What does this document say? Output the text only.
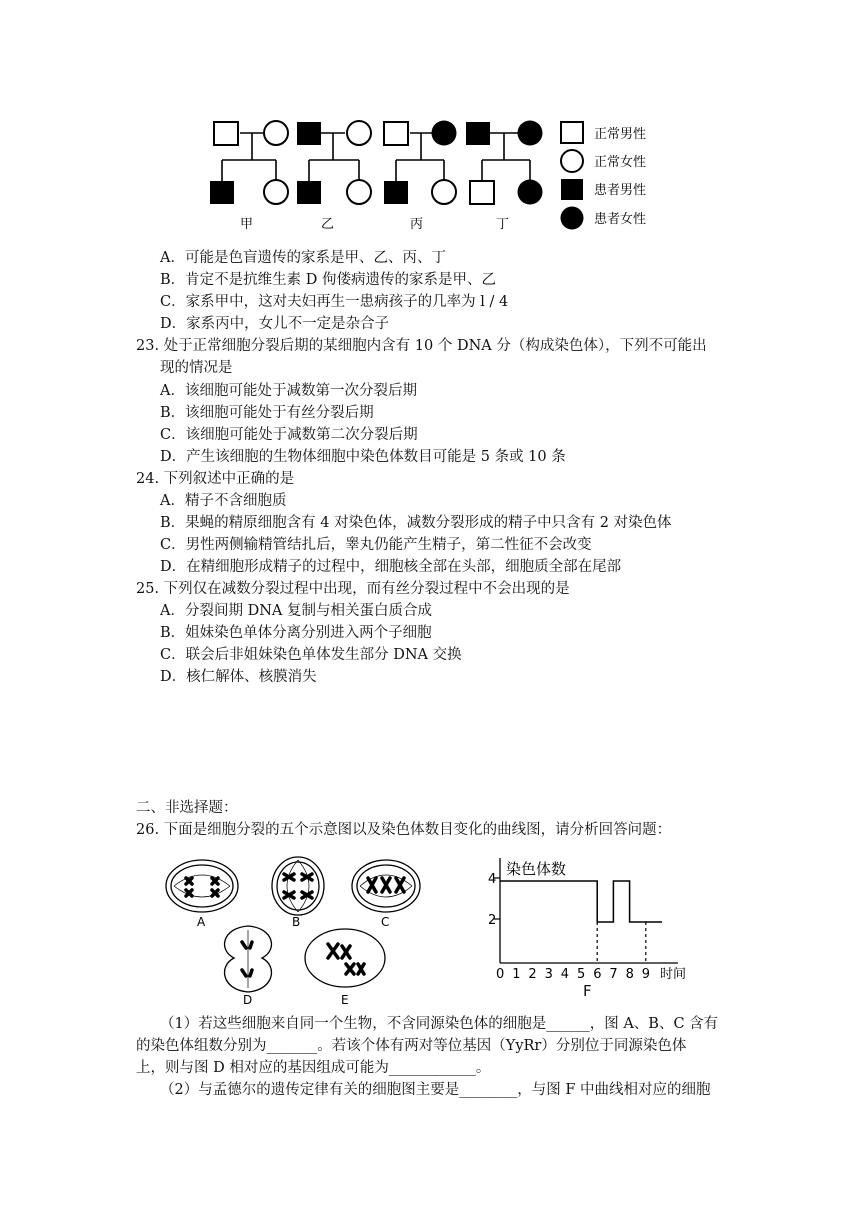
甲	乙	丙	丁
正常男性
正常女性
患者男性
患者女性
A．可能是色盲遗传的家系是甲、乙、丙、丁
B．肯定不是抗维生素 D 佝偻病遗传的家系是甲、乙
C．家系甲中，这对夫妇再生一患病孩子的几率为 l / 4
D．家系丙中，女儿不一定是杂合子
23. 处于正常细胞分裂后期的某细胞内含有 10 个 DNA 分（构成染色体），下列不可能出
现的情况是
A．该细胞可能处于减数第一次分裂后期
B．该细胞可能处于有丝分裂后期
C．该细胞可能处于减数第二次分裂后期
D．产生该细胞的生物体细胞中染色体数目可能是 5 条或 10 条
24. 下列叙述中正确的是
A．精子不含细胞质
B．果蝇的精原细胞含有 4 对染色体，减数分裂形成的精子中只含有 2 对染色体
C．男性两侧输精管结扎后，睾丸仍能产生精子，第二性征不会改变
D．在精细胞形成精子的过程中，细胞核全部在头部，细胞质全部在尾部
25. 下列仅在减数分裂过程中出现，而有丝分裂过程中不会出现的是
A．分裂间期 DNA 复制与相关蛋白质合成
B．姐妹染色单体分离分别进入两个子细胞
C．联会后非姐妹染色单体发生部分 DNA 交换
D．核仁解体、核膜消失
二、非选择题：
26. 下面是细胞分裂的五个示意图以及染色体数目变化的曲线图，请分析回答问题：
A	B	C
D	E
染色体数
时间
4
2
0 1 2 3 4 5 6 7 8 9
F
（1）若这些细胞来自同一个生物，不含同源染色体的细胞是______，图 A、B、C 含有
的染色体组数分别为_______。若该个体有两对等位基因（YyRr）分别位于同源染色体
上，则与图 D 相对应的基因组成可能为____________。
（2）与孟德尔的遗传定律有关的细胞图主要是________，与图 F 中曲线相对应的细胞
